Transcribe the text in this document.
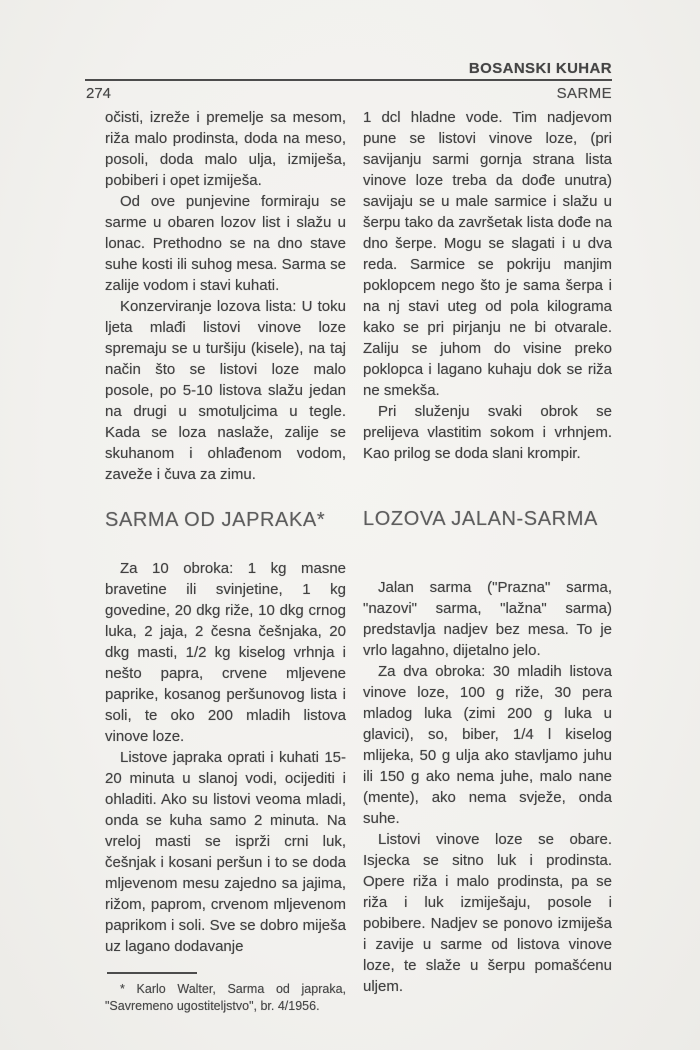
BOSANSKI KUHAR
274	SARME

očisti, izreže i premelje sa mesom, riža malo prodinsta, doda na meso, posoli, doda malo ulja, izmiješa, pobiberi i opet izmiješa.

Od ove punjevine formiraju se sarme u obaren lozov list i slažu u lonac. Prethodno se na dno stave suhe kosti ili suhog mesa. Sarma se zalije vodom i stavi kuhati.

Konzerviranje lozova lista: U toku ljeta mlađi listovi vinove loze spremaju se u turšiju (kisele), na taj način što se listovi loze malo posole, po 5-10 listova slažu jedan na drugi u smotuljcima u tegle. Kada se loza naslaže, zalije se skuhanom i ohlađenom vodom, zaveže i čuva za zimu.

SARMA OD JAPRAKA*

Za 10 obroka: 1 kg masne bravetine ili svinjetine, 1 kg govedine, 20 dkg riže, 10 dkg crnog luka, 2 jaja, 2 česna češnjaka, 20 dkg masti, 1/2 kg kiselog vrhnja i nešto papra, crvene mljevene paprike, kosanog peršunovog lista i soli, te oko 200 mladih listova vinove loze.

Listove japraka oprati i kuhati 15-20 minuta u slanoj vodi, ocijediti i ohladiti. Ako su listovi veoma mladi, onda se kuha samo 2 minuta. Na vreloj masti se isprži crni luk, češnjak i kosani peršun i to se doda mljevenom mesu zajedno sa jajima, rižom, paprom, crvenom mljevenom paprikom i soli. Sve se dobro miješa uz lagano dodavanje

* Karlo Walter, Sarma od japraka, "Savremeno ugostiteljstvo", br. 4/1956.

1 dcl hladne vode. Tim nadjevom pune se listovi vinove loze, (pri savijanju sarmi gornja strana lista vinove loze treba da dođe unutra) savijaju se u male sarmice i slažu u šerpu tako da završetak lista dođe na dno šerpe. Mogu se slagati i u dva reda. Sarmice se pokriju manjim poklopcem nego što je sama šerpa i na nj stavi uteg od pola kilograma kako se pri pirjanju ne bi otvarale. Zaliju se juhom do visine preko poklopca i lagano kuhaju dok se riža ne smekša.

Pri služenju svaki obrok se prelijeva vlastitim sokom i vrhnjem. Kao prilog se doda slani krompir.

LOZOVA JALAN-SARMA

Jalan sarma ("Prazna" sarma, "nazovi" sarma, "lažna" sarma) predstavlja nadjev bez mesa. To je vrlo lagahno, dijetalno jelo.

Za dva obroka: 30 mladih listova vinove loze, 100 g riže, 30 pera mladog luka (zimi 200 g luka u glavici), so, biber, 1/4 l kiselog mlijeka, 50 g ulja ako stavljamo juhu ili 150 g ako nema juhe, malo nane (mente), ako nema svježe, onda suhe.

Listovi vinove loze se obare. Isjecka se sitno luk i prodinsta. Opere riža i malo prodinsta, pa se riža i luk izmiješaju, posole i pobibere. Nadjev se ponovo izmiješa i zavije u sarme od listova vinove loze, te slaže u šerpu pomašćenu uljem.
